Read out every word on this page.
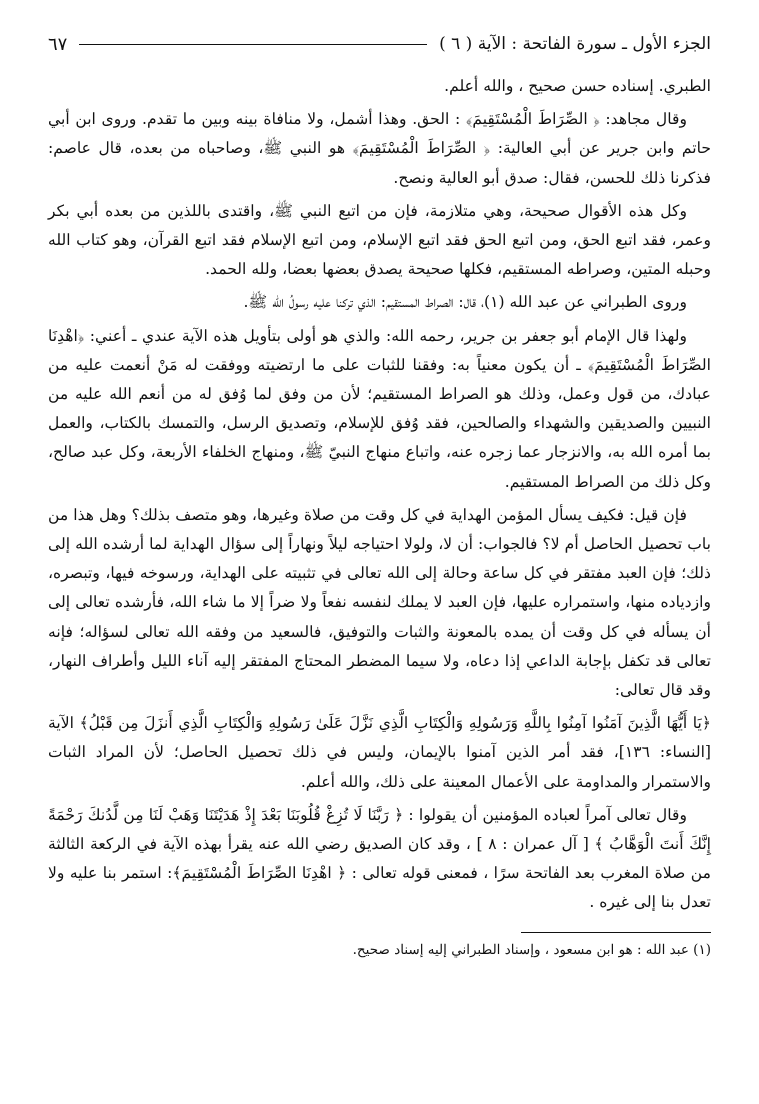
الجزء الأول ـ سورة الفاتحة : الآية ( ٦ )
٦٧

الطبري. إسناده حسن صحيح ، والله أعلم.

وقال مجاهد: ﴿ الصِّرَاطَ الْمُسْتَقِيمَ﴾ : الحق. وهذا أشمل، ولا منافاة بينه وبين ما تقدم. وروى ابن أبي حاتم وابن جرير عن أبي العالية: ﴿ الصِّرَاطَ الْمُسْتَقِيمَ﴾ هو النبي ﷺ، وصاحباه من بعده، قال عاصم: فذكرنا ذلك للحسن، فقال: صدق أبو العالية ونصح.

وكل هذه الأقوال صحيحة، وهي متلازمة، فإن من اتبع النبي ﷺ، واقتدى باللذين من بعده أبي بكر وعمر، فقد اتبع الحق، ومن اتبع الحق فقد اتبع الإسلام، ومن اتبع الإسلام فقد اتبع القرآن، وهو كتاب الله وحبله المتين، وصراطه المستقيم، فكلها صحيحة يصدق بعضها بعضا، ولله الحمد.

وروى الطبراني عن عبد الله (١)، قال: الصراط المستقيم: الذي تركنا عليه رسولُ الله ﷺ.

ولهذا قال الإمام أبو جعفر بن جرير، رحمه الله: والذي هو أولى بتأويل هذه الآية عندي ـ أعني: ﴿اهْدِنَا الصِّرَاطَ الْمُسْتَقِيمَ﴾ ـ أن يكون معنياً به: وفقنا للثبات على ما ارتضيته ووفقت له مَنْ أنعمت عليه من عبادك، من قول وعمل، وذلك هو الصراط المستقيم؛ لأن من وفق لما وُفق له من أنعم الله عليه من النبيين والصديقين والشهداء والصالحين، فقد وُفق للإسلام، وتصديق الرسل، والتمسك بالكتاب، والعمل بما أمره الله به، والانزجار عما زجره عنه، واتباع منهاج النبيّ ﷺ، ومنهاج الخلفاء الأربعة، وكل عبد صالح، وكل ذلك من الصراط المستقيم.

فإن قيل: فكيف يسأل المؤمن الهداية في كل وقت من صلاة وغيرها، وهو متصف بذلك؟ وهل هذا من باب تحصيل الحاصل أم لا؟ فالجواب: أن لا، ولولا احتياجه ليلاً ونهاراً إلى سؤال الهداية لما أرشده الله إلى ذلك؛ فإن العبد مفتقر في كل ساعة وحالة إلى الله تعالى في تثبيته على الهداية، ورسوخه فيها، وتبصره، وازدياده منها، واستمراره عليها، فإن العبد لا يملك لنفسه نفعاً ولا ضراً إلا ما شاء الله، فأرشده تعالى إلى أن يسأله في كل وقت أن يمده بالمعونة والثبات والتوفيق، فالسعيد من وفقه الله تعالى لسؤاله؛ فإنه تعالى قد تكفل بإجابة الداعي إذا دعاه، ولا سيما المضطر المحتاج المفتقر إليه آناء الليل وأطراف النهار، وقد قال تعالى:

﴿يَا أَيُّهَا الَّذِينَ آمَنُوا آمِنُوا بِاللَّهِ وَرَسُولِهِ وَالْكِتَابِ الَّذِي نَزَّلَ عَلَىٰ رَسُولِهِ وَالْكِتَابِ الَّذِي أَنزَلَ مِن قَبْلُ﴾ الآية [النساء: ١٣٦]، فقد أمر الذين آمنوا بالإيمان، وليس في ذلك تحصيل الحاصل؛ لأن المراد الثبات والاستمرار والمداومة على الأعمال المعينة على ذلك، والله أعلم.

وقال تعالى آمراً لعباده المؤمنين أن يقولوا : ﴿ رَبَّنَا لَا تُزِغْ قُلُوبَنَا بَعْدَ إِذْ هَدَيْتَنَا وَهَبْ لَنَا مِن لَّدُنكَ رَحْمَةً إِنَّكَ أَنتَ الْوَهَّابُ ﴾ [ آل عمران : ٨ ] ، وقد كان الصديق رضي الله عنه يقرأ بهذه الآية في الركعة الثالثة من صلاة المغرب بعد الفاتحة سرًا ، فمعنى قوله تعالى : ﴿ اهْدِنَا الصِّرَاطَ الْمُسْتَقِيمَ﴾: استمر بنا عليه ولا تعدل بنا إلى غيره .

(١) عبد الله : هو ابن مسعود ، وإسناد الطبراني إليه إسناد صحيح.
